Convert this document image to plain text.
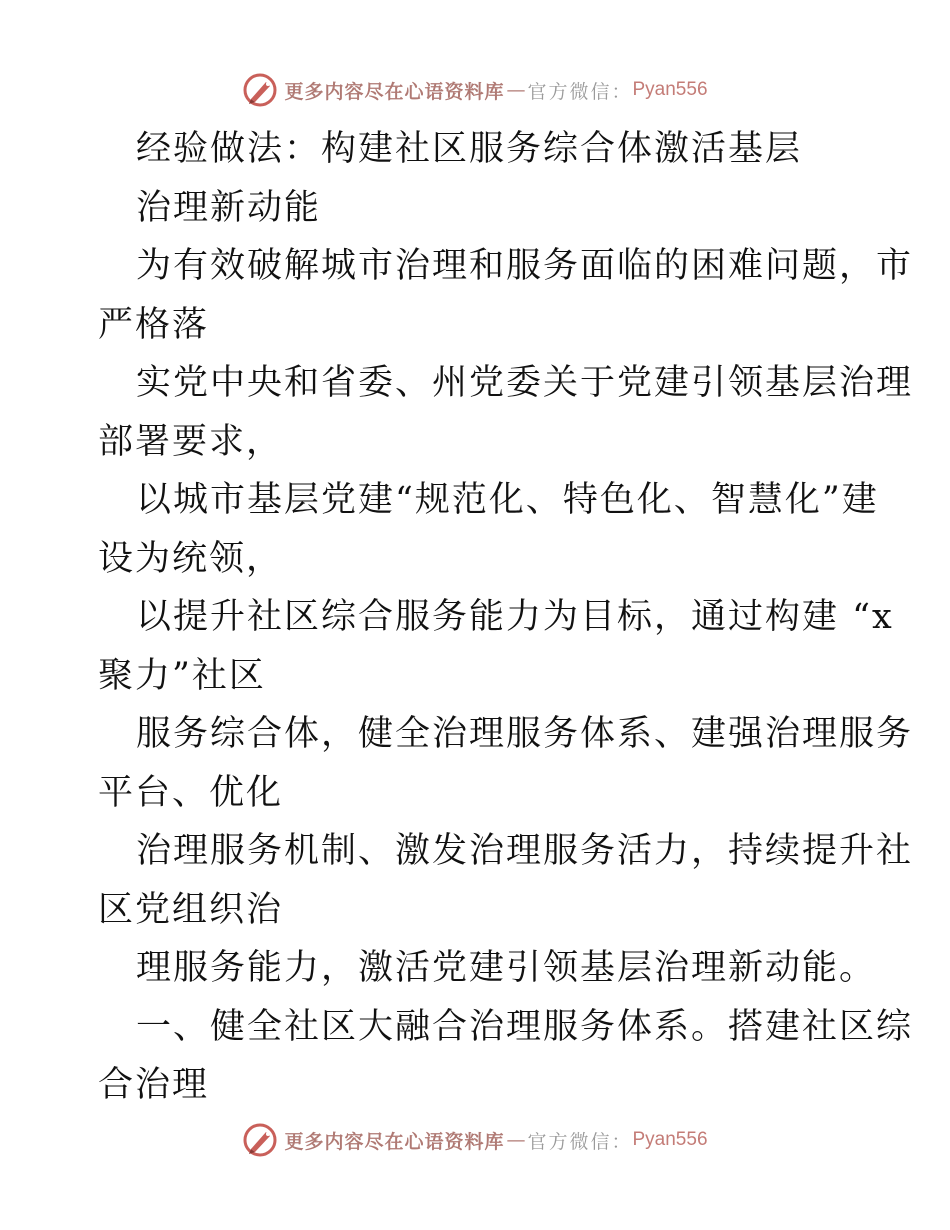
更多内容尽在心语资料库 — 官方微信： Pyan556
经验做法：构建社区服务综合体激活基层
治理新动能
为有效破解城市治理和服务面临的困难问题，市
严格落
实党中央和省委、州党委关于党建引领基层治理
部署要求，
以城市基层党建“规范化、特色化、智慧化”建
设为统领，
以提升社区综合服务能力为目标，通过构建 “x
聚力”社区
服务综合体，健全治理服务体系、建强治理服务
平台、优化
治理服务机制、激发治理服务活力，持续提升社
区党组织治
理服务能力，激活党建引领基层治理新动能。
一、健全社区大融合治理服务体系。搭建社区综
合治理
更多内容尽在心语资料库 — 官方微信： Pyan556
